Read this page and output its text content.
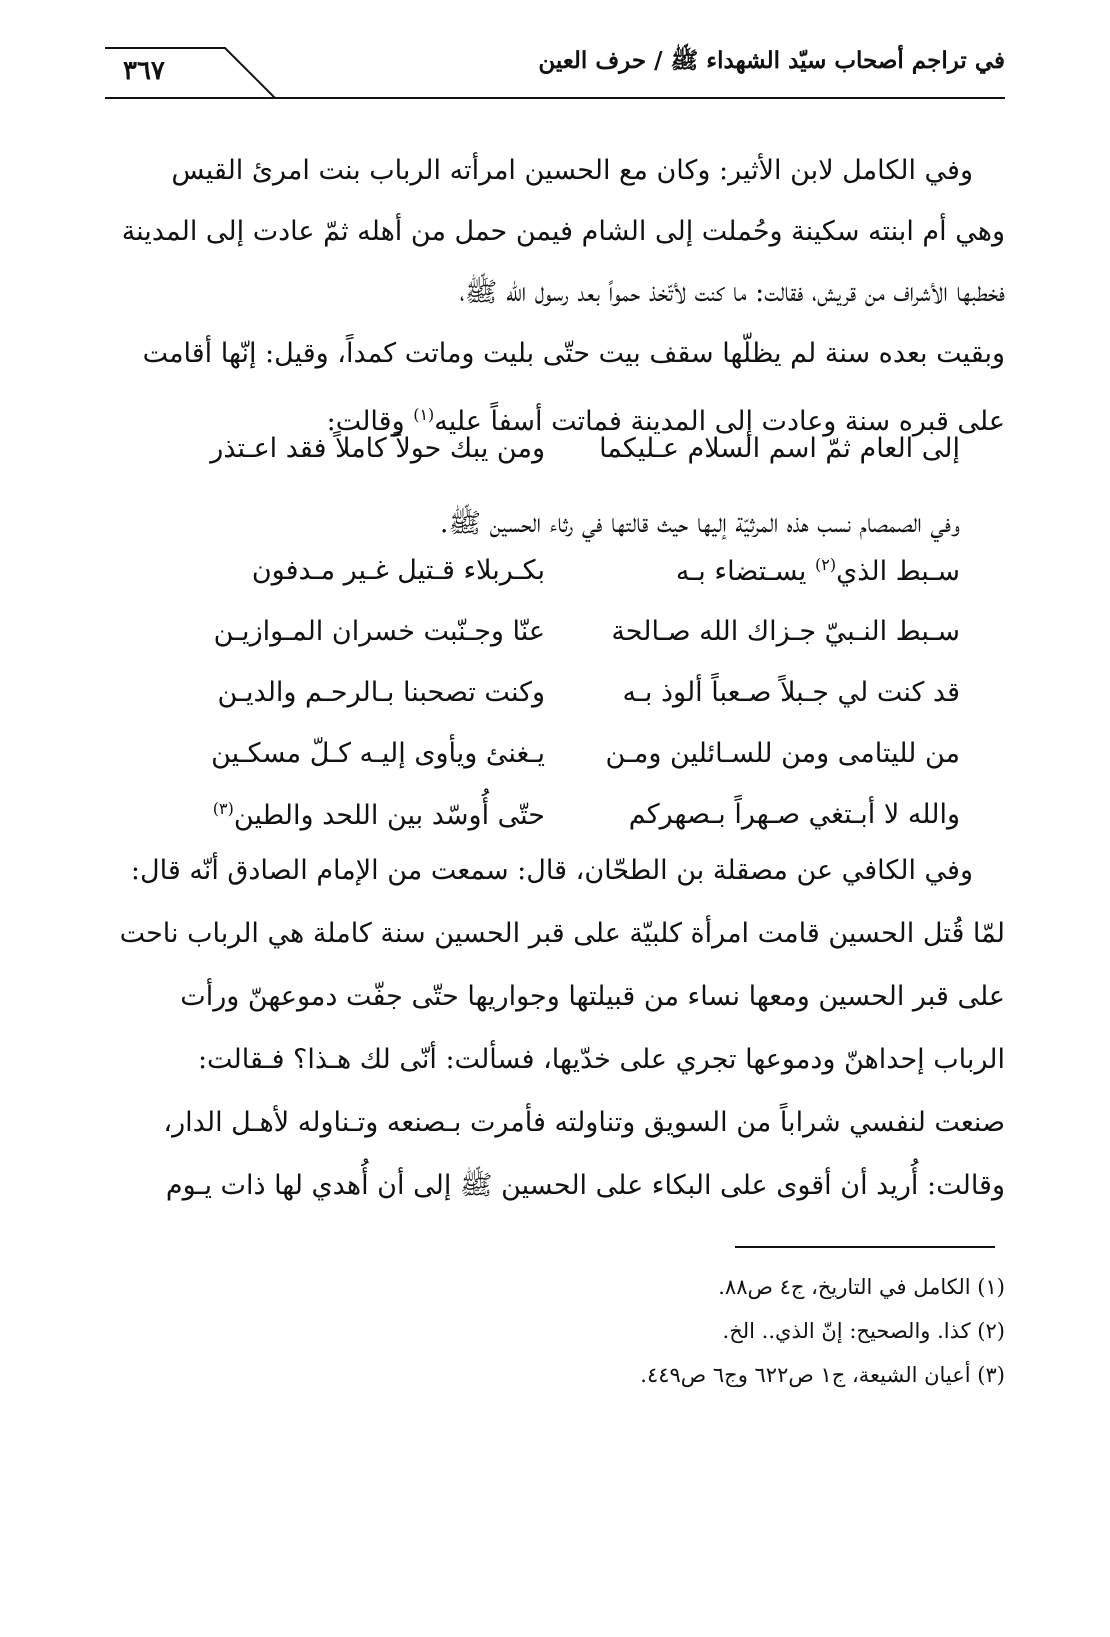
٣٦٧	في تراجم أصحاب سيّد الشهداء ﷺ / حرف العين

وفي الكامل لابن الأثير: وكان مع الحسين امرأته الرباب بنت امرئ القيس

وهي أم ابنته سكينة وحُملت إلى الشام فيمن حمل من أهله ثمّ عادت إلى المدينة

فخطبها الأشراف من قريش، فقالت: ما كنت لأتّخذ حمواً بعد رسول الله ﷺ،

وبقيت بعده سنة لم يظلّها سقف بيت حتّى بليت وماتت كمداً، وقيل: إنّها أقامت

على قبره سنة وعادت إلى المدينة فماتت أسفاً عليه$^{(١)}$ وقالت:

إلى العام ثمّ اسم السلام عـليكما
ومن يبك حولاً كاملاً فقد اعـتذر
وفي الصمصام نسب هذه المرثيّة إليها حيث قالتها في رثاء الحسين ﷺ.
سـبط الذي$^{(٢)}$ يسـتضاء بـه
بكـربلاء قـتيل غـير مـدفون
سـبط النـبيّ جـزاك الله صـالحة
عنّا وجـنّبت خسران المـوازيـن
قد كنت لي جـبلاً صـعباً ألوذ بـه
وكنت تصحبنا بـالرحـم والديـن
من لليتامى ومن للسـائلين ومـن
يـغنئ ويأوى إليـه كـلّ مسكـين
والله لا أبـتغي صـهراً بـصهركم
حتّى أُوسّد بين اللحد والطين$^{(٣)}$

وفي الكافي عن مصقلة بن الطحّان، قال: سمعت من الإمام الصادق أنّه قال:

لمّا قُتل الحسين قامت امرأة كلبيّة على قبر الحسين سنة كاملة هي الرباب ناحت

على قبر الحسين ومعها نساء من قبيلتها وجواريها حتّى جفّت دموعهنّ ورأت

الرباب إحداهنّ ودموعها تجري على خدّيها، فسألت: أنّى لك هـذا؟ فـقالت:

صنعت لنفسي شراباً من السويق وتناولته فأمرت بـصنعه وتـناوله لأهـل الدار،

وقالت: أُريد أن أقوى على البكاء على الحسين ﷺ إلى أن أُهدي لها ذات يـوم

(١) الكامل في التاريخ، ج٤ ص٨٨.
(٢) كذا. والصحيح: إنّ الذي.. الخ.
(٣) أعيان الشيعة، ج١ ص٦٢٢ وج٦ ص٤٤٩.
